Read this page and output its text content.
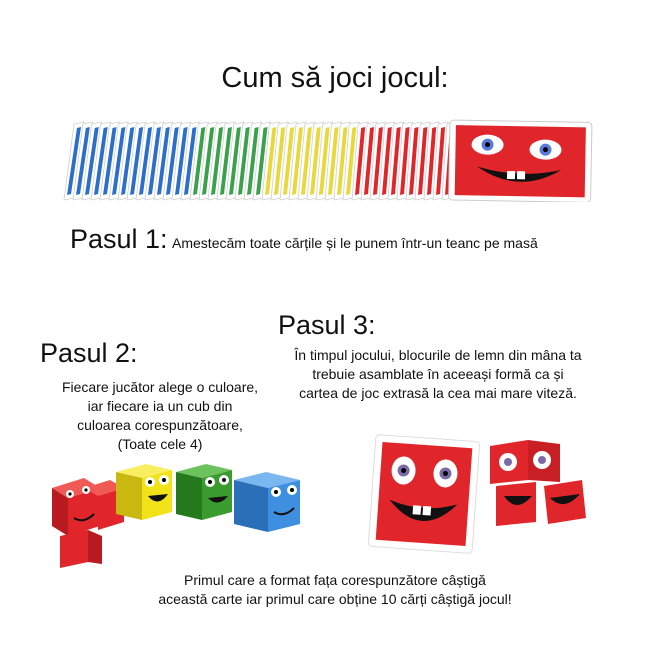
Cum să joci jocul:
Pasul 1: Amestecăm toate cărțile și le punem într-un teanc pe masă
Pasul 3:
În timpul jocului, blocurile de lemn din mâna ta
trebuie asamblate în aceeași formă ca și
cartea de joc extrasă la cea mai mare viteză.
Pasul 2:
Fiecare jucător alege o culoare,
iar fiecare ia un cub din
culoarea corespunzătoare,
(Toate cele 4)
Primul care a format fața corespunzătore câștigă
această carte iar primul care obține 10 cărți câștigă jocul!
